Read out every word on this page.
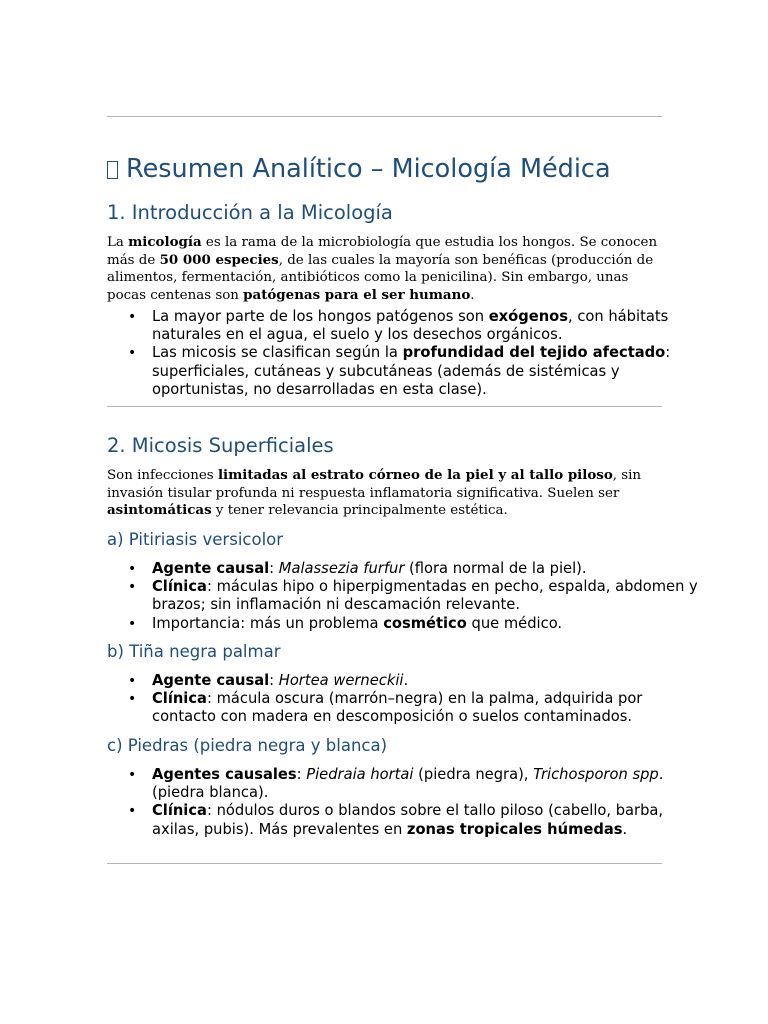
Resumen Analítico – Micología Médica
1. Introducción a la Micología

La micología es la rama de la microbiología que estudia los hongos. Se conocen más de 50 000 especies, de las cuales la mayoría son benéficas (producción de alimentos, fermentación, antibióticos como la penicilina). Sin embargo, unas pocas centenas son patógenas para el ser humano.

• La mayor parte de los hongos patógenos son exógenos, con hábitats naturales en el agua, el suelo y los desechos orgánicos.
• Las micosis se clasifican según la profundidad del tejido afectado: superficiales, cutáneas y subcutáneas (además de sistémicas y oportunistas, no desarrolladas en esta clase).
2. Micosis Superficiales

Son infecciones limitadas al estrato córneo de la piel y al tallo piloso, sin invasión tisular profunda ni respuesta inflamatoria significativa. Suelen ser asintomáticas y tener relevancia principalmente estética.

a) Pitiriasis versicolor
• Agente causal: Malassezia furfur (flora normal de la piel).
• Clínica: máculas hipo o hiperpigmentadas en pecho, espalda, abdomen y brazos; sin inflamación ni descamación relevante.
• Importancia: más un problema cosmético que médico.
b) Tiña negra palmar
• Agente causal: Hortea werneckii.
• Clínica: mácula oscura (marrón–negra) en la palma, adquirida por contacto con madera en descomposición o suelos contaminados.
c) Piedras (piedra negra y blanca)
• Agentes causales: Piedraia hortai (piedra negra), Trichosporon spp. (piedra blanca).
• Clínica: nódulos duros o blandos sobre el tallo piloso (cabello, barba, axilas, pubis). Más prevalentes en zonas tropicales húmedas.
